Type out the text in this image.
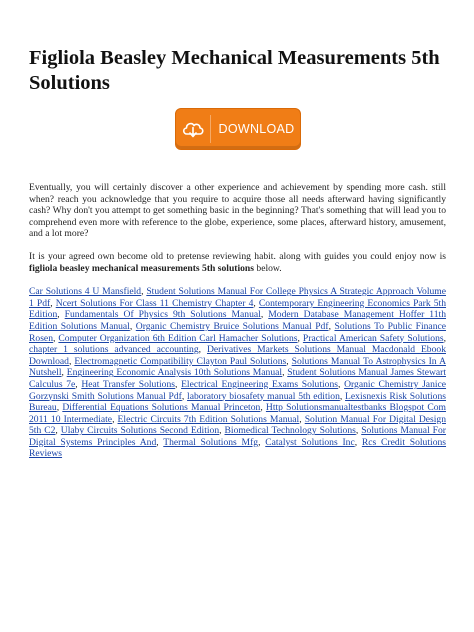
Figliola Beasley Mechanical Measurements 5th Solutions
DOWNLOAD

Eventually, you will certainly discover a other experience and achievement by spending more cash. still when? reach you acknowledge that you require to acquire those all needs afterward having significantly cash? Why don't you attempt to get something basic in the beginning? That's something that will lead you to comprehend even more with reference to the globe, experience, some places, afterward history, amusement, and a lot more?

It is your agreed own become old to pretense reviewing habit. along with guides you could enjoy now is figliola beasley mechanical measurements 5th solutions below.

Car Solutions 4 U Mansfield, Student Solutions Manual For College Physics A Strategic Approach Volume 1 Pdf, Ncert Solutions For Class 11 Chemistry Chapter 4, Contemporary Engineering Economics Park 5th Edition, Fundamentals Of Physics 9th Solutions Manual, Modern Database Management Hoffer 11th Edition Solutions Manual, Organic Chemistry Bruice Solutions Manual Pdf, Solutions To Public Finance Rosen, Computer Organization 6th Edition Carl Hamacher Solutions, Practical American Safety Solutions, chapter 1 solutions advanced accounting, Derivatives Markets Solutions Manual Macdonald Ebook Download, Electromagnetic Compatibility Clayton Paul Solutions, Solutions Manual To Astrophysics In A Nutshell, Engineering Economic Analysis 10th Solutions Manual, Student Solutions Manual James Stewart Calculus 7e, Heat Transfer Solutions, Electrical Engineering Exams Solutions, Organic Chemistry Janice Gorzynski Smith Solutions Manual Pdf, laboratory biosafety manual 5th edition, Lexisnexis Risk Solutions Bureau, Differential Equations Solutions Manual Princeton, Http Solutionsmanualtestbanks Blogspot Com 2011 10 Intermediate, Electric Circuits 7th Edition Solutions Manual, Solution Manual For Digital Design 5th C2, Ulaby Circuits Solutions Second Edition, Biomedical Technology Solutions, Solutions Manual For Digital Systems Principles And, Thermal Solutions Mfg, Catalyst Solutions Inc, Rcs Credit Solutions Reviews
